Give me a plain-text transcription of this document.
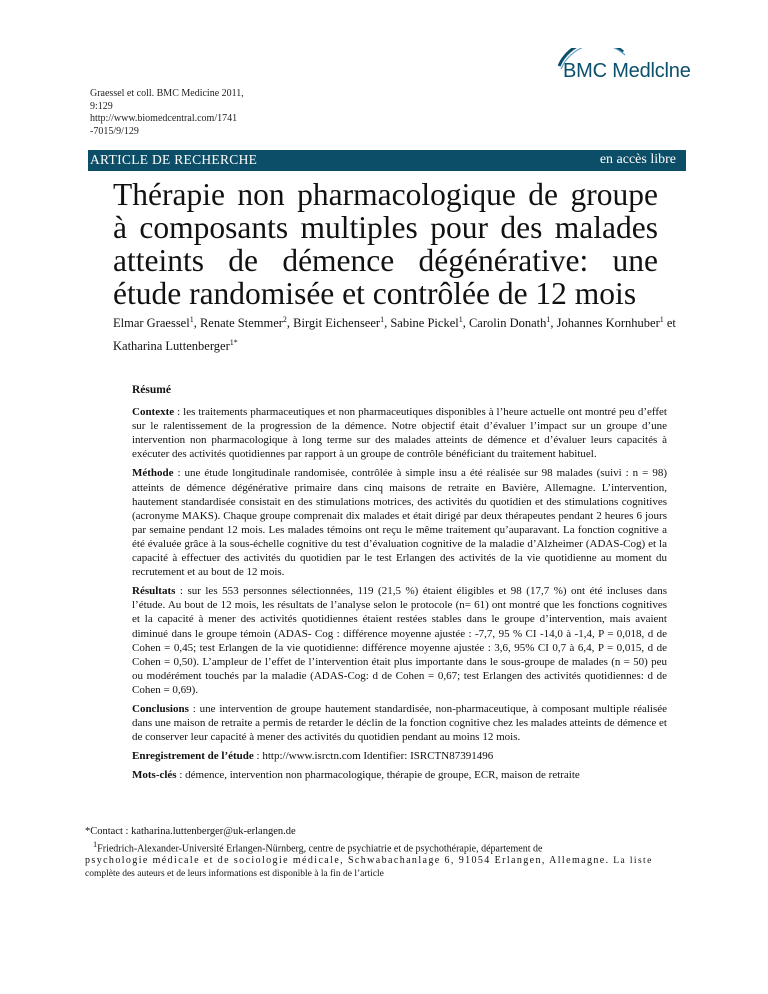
Graessel et coll. BMC Medicine 2011,
9:129
http://www.biomedcentral.com/1741
-7015/9/129
BMC Medlclne
ARTICLE DE RECHERCHE	en accès libre
Thérapie non pharmacologique de groupe à composants multiples pour des malades atteints de démence dégénérative: une étude randomisée et contrôlée de 12 mois
Elmar Graessel$^1$, Renate Stemmer$^2$, Birgit Eichenseer$^1$, Sabine Pickel$^1$, Carolin Donath$^1$, Johannes Kornhuber$^1$ et
Katharina Luttenberger$^{1*}$
Résumé

Contexte : les traitements pharmaceutiques et non pharmaceutiques disponibles à l’heure actuelle ont montré peu d’effet sur le ralentissement de la progression de la démence. Notre objectif était d’évaluer l’impact sur un groupe d’une intervention non pharmacologique à long terme sur des malades atteints de démence et d’évaluer leurs capacités à exécuter des activités quotidiennes par rapport à un groupe de contrôle bénéficiant du traitement habituel.

Méthode : une étude longitudinale randomisée, contrôlée à simple insu a été réalisée sur 98 malades (suivi : n = 98) atteints de démence dégénérative primaire dans cinq maisons de retraite en Bavière, Allemagne. L’intervention, hautement standardisée consistait en des stimulations motrices, des activités du quotidien et des stimulations cognitives (acronyme MAKS). Chaque groupe comprenait dix malades et était dirigé par deux thérapeutes pendant 2 heures 6 jours par semaine pendant 12 mois. Les malades témoins ont reçu le même traitement qu’auparavant. La fonction cognitive a été évaluée grâce à la sous-échelle cognitive du test d’évaluation cognitive de la maladie d’Alzheimer (ADAS-Cog) et la capacité à effectuer des activités du quotidien par le test Erlangen des activités de la vie quotidienne au moment du recrutement et au bout de 12 mois.

Résultats : sur les 553 personnes sélectionnées, 119 (21,5 %) étaient éligibles et 98 (17,7 %) ont été incluses dans l’étude. Au bout de 12 mois, les résultats de l’analyse selon le protocole (n= 61) ont montré que les fonctions cognitives et la capacité à mener des activités quotidiennes étaient restées stables dans le groupe d’intervention, mais avaient diminué dans le groupe témoin (ADAS- Cog : différence moyenne ajustée : -7,7, 95 % CI -14,0 à -1,4, P = 0,018, d de Cohen = 0,45; test Erlangen de la vie quotidienne: différence moyenne ajustée : 3,6, 95% CI 0,7 à 6,4, P = 0,015, d de Cohen = 0,50). L’ampleur de l’effet de l’intervention était plus importante dans le sous-groupe de malades (n = 50) peu ou modérément touchés par la maladie (ADAS-Cog: d de Cohen = 0,67; test Erlangen des activités quotidiennes: d de Cohen = 0,69).

Conclusions : une intervention de groupe hautement standardisée, non-pharmaceutique, à composant multiple réalisée dans une maison de retraite a permis de retarder le déclin de la fonction cognitive chez les malades atteints de démence et de conserver leur capacité à mener des activités du quotidien pendant au moins 12 mois.

Enregistrement de l’étude : http://www.isrctn.com Identifier: ISRCTN87391496

Mots-clés : démence, intervention non pharmacologique, thérapie de groupe, ECR, maison de retraite

*Contact : katharina.luttenberger@uk-erlangen.de
$^1$Friedrich-Alexander-Université Erlangen-Nürnberg, centre de psychiatrie et de psychothérapie, département de
psychologie médicale et de sociologie médicale, Schwabachanlage 6, 91054 Erlangen, Allemagne. La liste
complète des auteurs et de leurs informations est disponible à la fin de l’article
